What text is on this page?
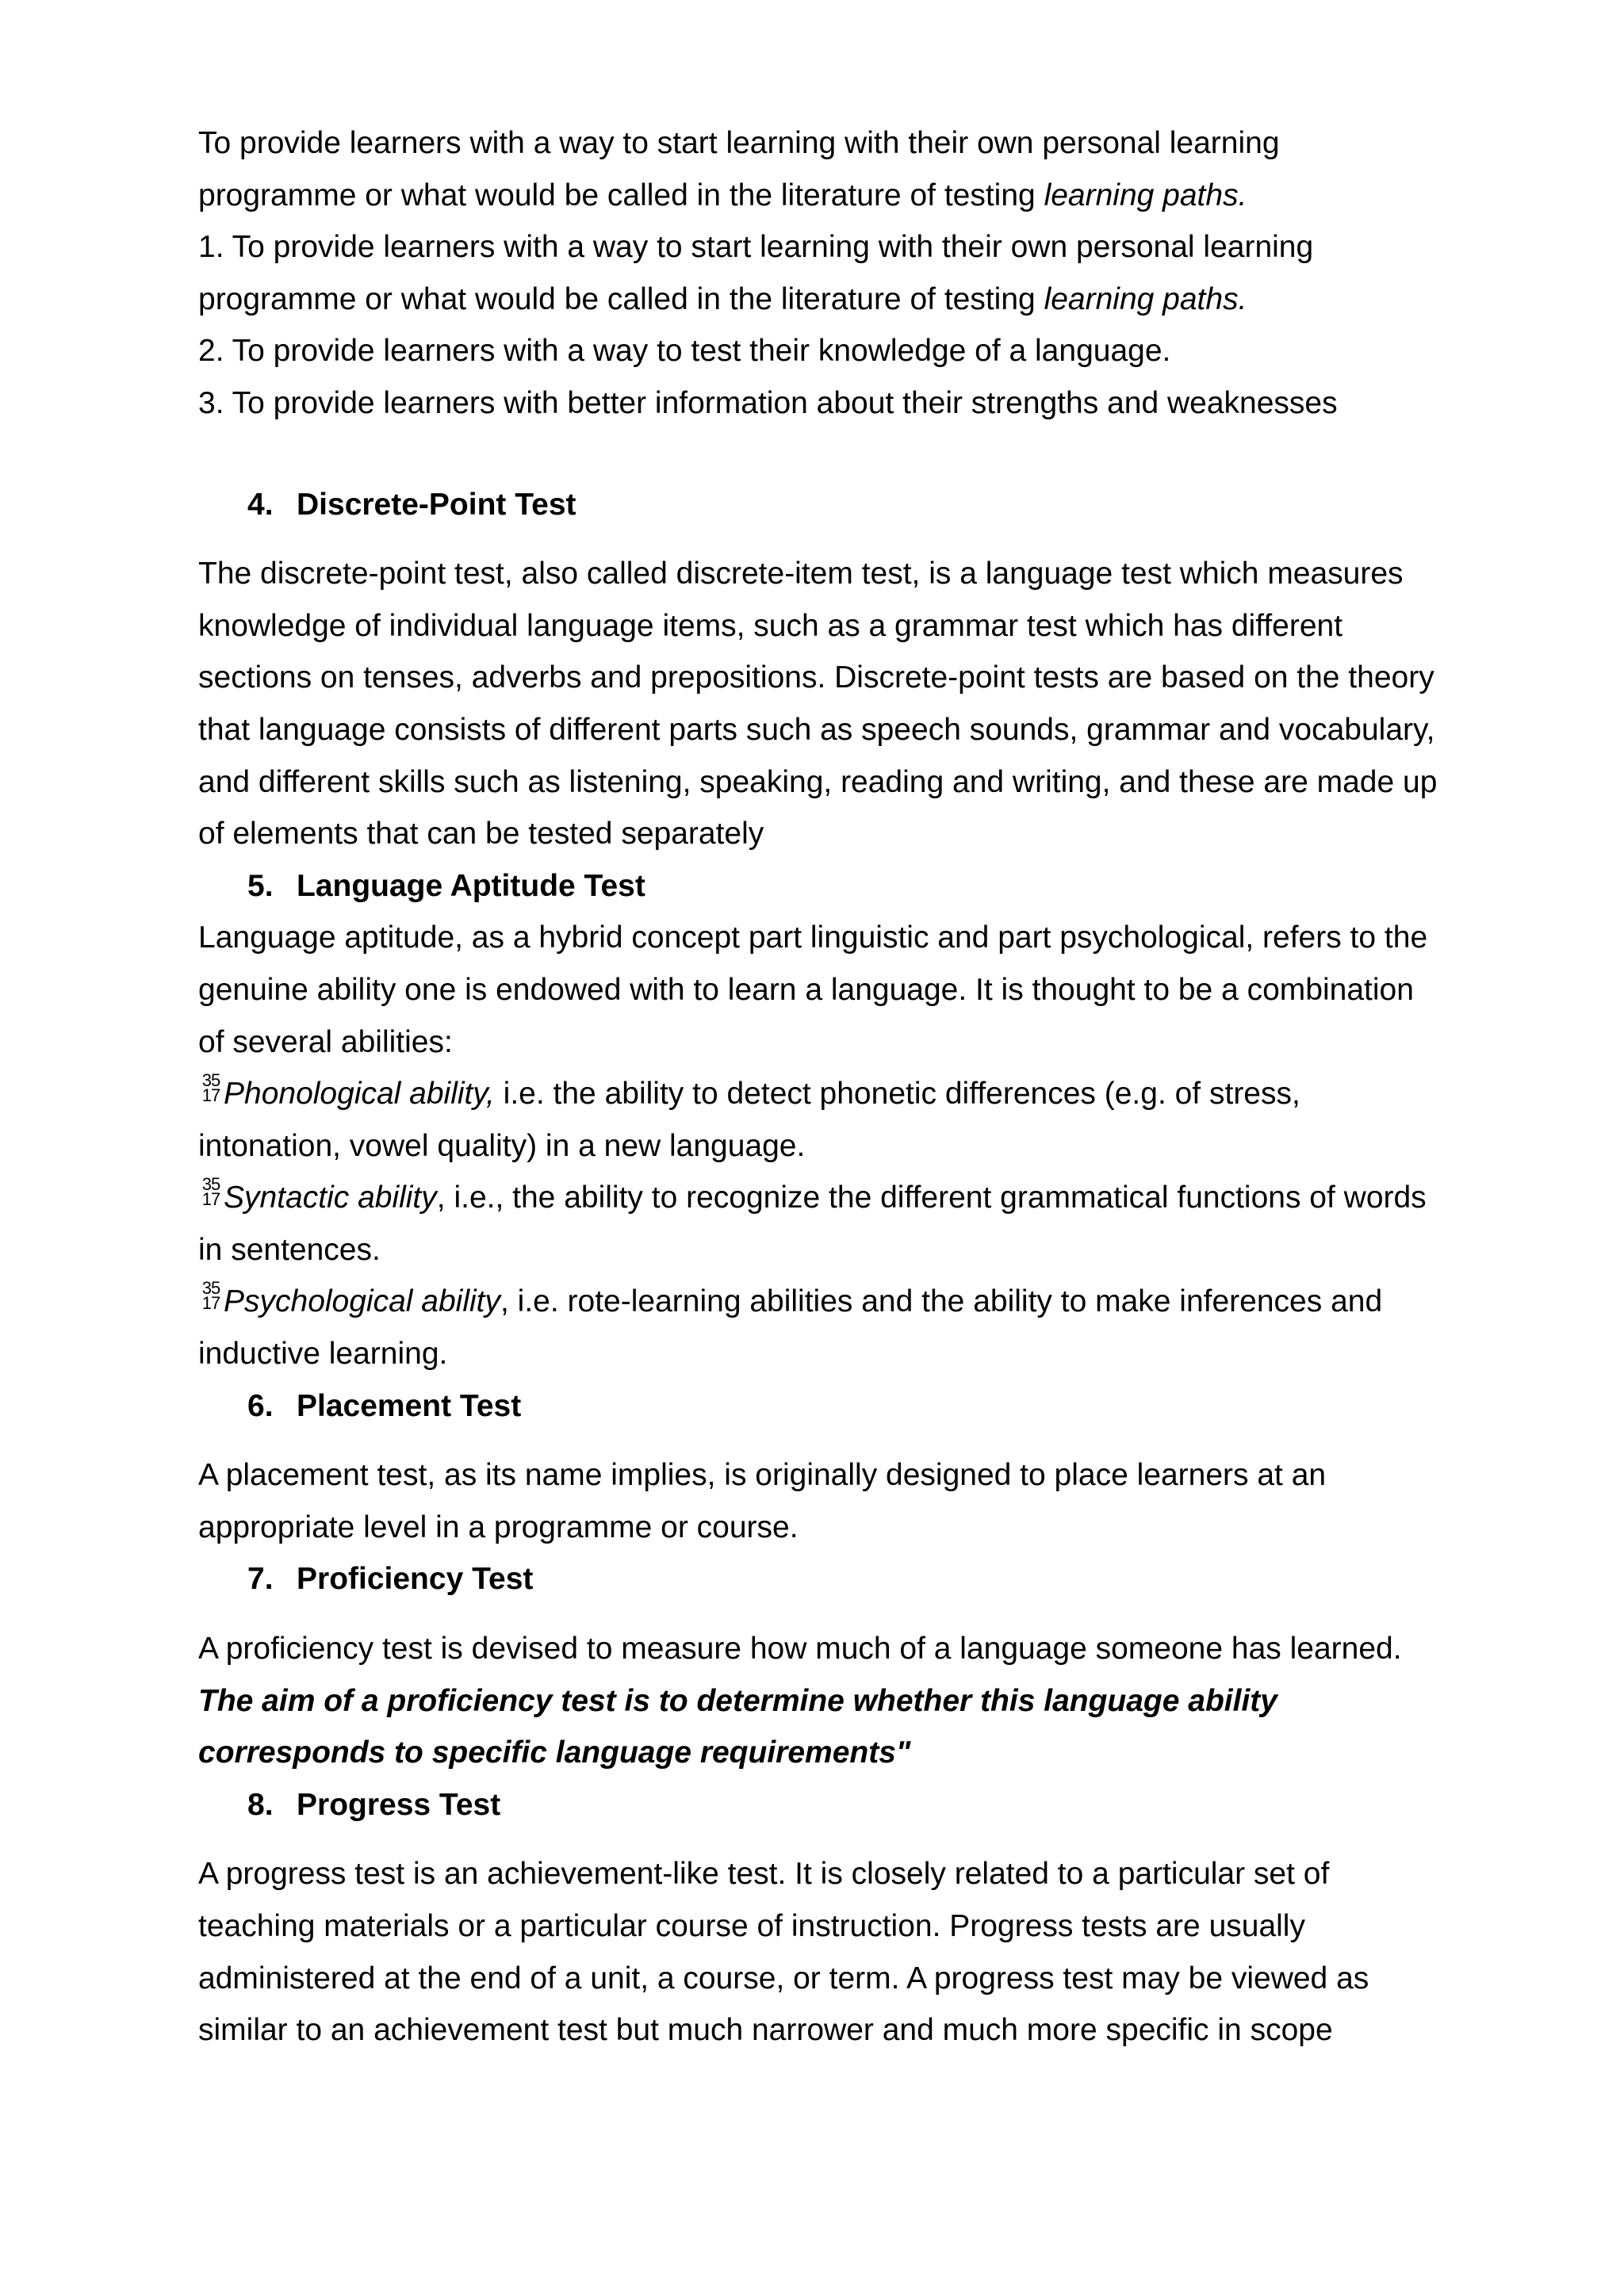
To provide learners with a way to start learning with their own personal learning programme or what would be called in the literature of testing learning paths.

1. To provide learners with a way to start learning with their own personal learning programme or what would be called in the literature of testing learning paths.

2. To provide learners with a way to test their knowledge of a language.

3. To provide learners with better information about their strengths and weaknesses

4. Discrete-Point Test

The discrete-point test, also called discrete-item test, is a language test which measures knowledge of individual language items, such as a grammar test which has different sections on tenses, adverbs and prepositions. Discrete-point tests are based on the theory that language consists of different parts such as speech sounds, grammar and vocabulary, and different skills such as listening, speaking, reading and writing, and these are made up of elements that can be tested separately

5. Language Aptitude Test

Language aptitude, as a hybrid concept part linguistic and part psychological, refers to the genuine ability one is endowed with to learn a language. It is thought to be a combination of several abilities:

35
17 Phonological ability, i.e. the ability to detect phonetic differences (e.g. of stress, intonation, vowel quality) in a new language.

35
17 Syntactic ability, i.e., the ability to recognize the different grammatical functions of words in sentences.

35
17 Psychological ability, i.e. rote-learning abilities and the ability to make inferences and inductive learning.

6. Placement Test

A placement test, as its name implies, is originally designed to place learners at an appropriate level in a programme or course.

7. Proficiency Test

A proficiency test is devised to measure how much of a language someone has learned.

The aim of a proficiency test is to determine whether this language ability corresponds to specific language requirements"

8. Progress Test

A progress test is an achievement-like test. It is closely related to a particular set of teaching materials or a particular course of instruction. Progress tests are usually administered at the end of a unit, a course, or term. A progress test may be viewed as similar to an achievement test but much narrower and much more specific in scope
